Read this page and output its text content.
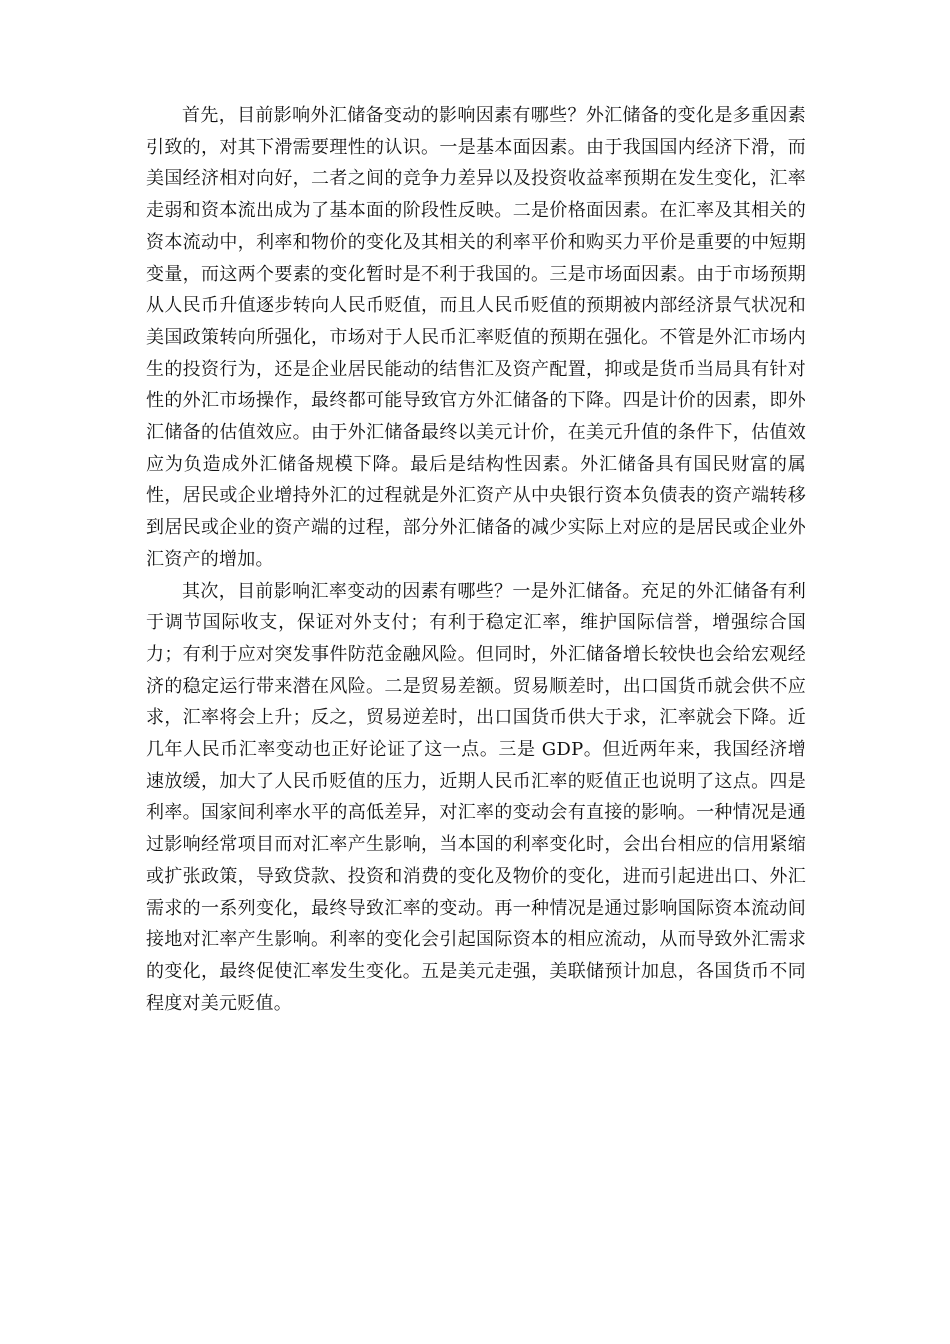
首先，目前影响外汇储备变动的影响因素有哪些？外汇储备的变化是多重因素引致的，对其下滑需要理性的认识。一是基本面因素。由于我国国内经济下滑，而美国经济相对向好，二者之间的竞争力差异以及投资收益率预期在发生变化，汇率走弱和资本流出成为了基本面的阶段性反映。二是价格面因素。在汇率及其相关的资本流动中，利率和物价的变化及其相关的利率平价和购买力平价是重要的中短期变量，而这两个要素的变化暂时是不利于我国的。三是市场面因素。由于市场预期从人民币升值逐步转向人民币贬值，而且人民币贬值的预期被内部经济景气状况和美国政策转向所强化，市场对于人民币汇率贬值的预期在强化。不管是外汇市场内生的投资行为，还是企业居民能动的结售汇及资产配置，抑或是货币当局具有针对性的外汇市场操作，最终都可能导致官方外汇储备的下降。四是计价的因素，即外汇储备的估值效应。由于外汇储备最终以美元计价，在美元升值的条件下，估值效应为负造成外汇储备规模下降。最后是结构性因素。外汇储备具有国民财富的属性，居民或企业增持外汇的过程就是外汇资产从中央银行资本负债表的资产端转移到居民或企业的资产端的过程，部分外汇储备的减少实际上对应的是居民或企业外汇资产的增加。

其次，目前影响汇率变动的因素有哪些？一是外汇储备。充足的外汇储备有利于调节国际收支，保证对外支付；有利于稳定汇率，维护国际信誉，增强综合国力；有利于应对突发事件防范金融风险。但同时，外汇储备增长较快也会给宏观经济的稳定运行带来潜在风险。二是贸易差额。贸易顺差时，出口国货币就会供不应求，汇率将会上升；反之，贸易逆差时，出口国货币供大于求，汇率就会下降。近几年人民币汇率变动也正好论证了这一点。三是 GDP。但近两年来，我国经济增速放缓，加大了人民币贬值的压力，近期人民币汇率的贬值正也说明了这点。四是利率。国家间利率水平的高低差异，对汇率的变动会有直接的影响。一种情况是通过影响经常项目而对汇率产生影响，当本国的利率变化时，会出台相应的信用紧缩或扩张政策，导致贷款、投资和消费的变化及物价的变化，进而引起进出口、外汇需求的一系列变化，最终导致汇率的变动。再一种情况是通过影响国际资本流动间接地对汇率产生影响。利率的变化会引起国际资本的相应流动，从而导致外汇需求的变化，最终促使汇率发生变化。五是美元走强，美联储预计加息，各国货币不同程度对美元贬值。
